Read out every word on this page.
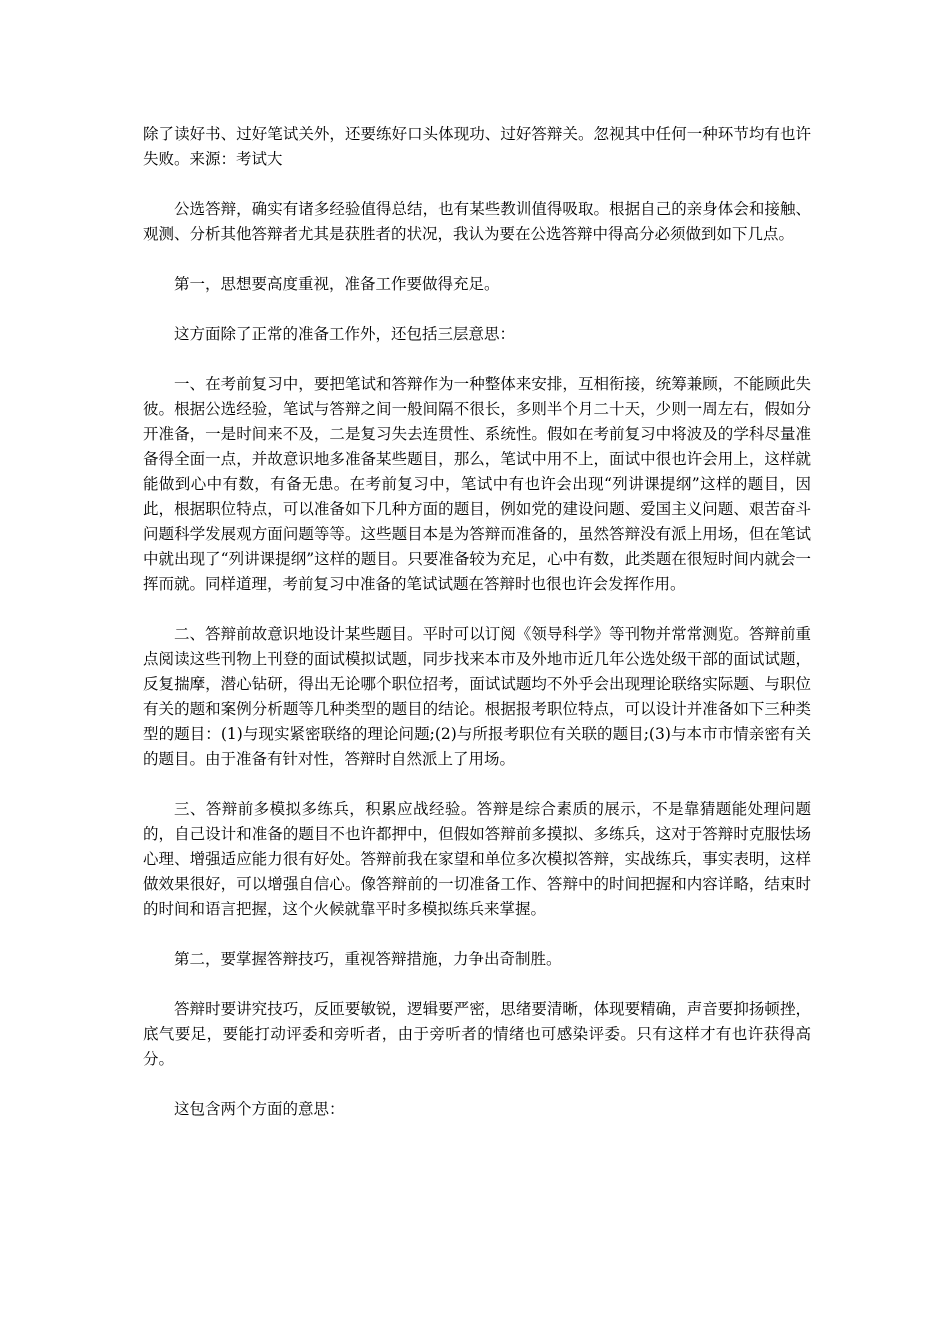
除了读好书、过好笔试关外，还要练好口头体现功、过好答辩关。忽视其中任何一种环节均有也许失败。来源：考试大

公选答辩，确实有诸多经验值得总结，也有某些教训值得吸取。根据自己的亲身体会和接触、观测、分析其他答辩者尤其是获胜者的状况，我认为要在公选答辩中得高分必须做到如下几点。

第一，思想要高度重视，准备工作要做得充足。

这方面除了正常的准备工作外，还包括三层意思：

一、在考前复习中，要把笔试和答辩作为一种整体来安排，互相衔接，统筹兼顾，不能顾此失彼。根据公选经验，笔试与答辩之间一般间隔不很长，多则半个月二十天，少则一周左右，假如分开准备，一是时间来不及，二是复习失去连贯性、系统性。假如在考前复习中将波及的学科尽量准备得全面一点，并故意识地多准备某些题目，那么，笔试中用不上，面试中很也许会用上，这样就能做到心中有数，有备无患。在考前复习中，笔试中有也许会出现“列讲课提纲”这样的题目，因此，根据职位特点，可以准备如下几种方面的题目，例如党的建设问题、爱国主义问题、艰苦奋斗问题科学发展观方面问题等等。这些题目本是为答辩而准备的，虽然答辩没有派上用场，但在笔试中就出现了“列讲课提纲”这样的题目。只要准备较为充足，心中有数，此类题在很短时间内就会一挥而就。同样道理，考前复习中准备的笔试试题在答辩时也很也许会发挥作用。

二、答辩前故意识地设计某些题目。平时可以订阅《领导科学》等刊物并常常测览。答辩前重点阅读这些刊物上刊登的面试模拟试题，同步找来本市及外地市近几年公选处级干部的面试试题，反复揣摩，潜心钻研，得出无论哪个职位招考，面试试题均不外乎会出现理论联络实际题、与职位有关的题和案例分析题等几种类型的题目的结论。根据报考职位特点，可以设计并准备如下三种类型的题目：(1)与现实紧密联络的理论问题;(2)与所报考职位有关联的题目;(3)与本市市情亲密有关的题目。由于准备有针对性，答辩时自然派上了用场。

三、答辩前多模拟多练兵，积累应战经验。答辩是综合素质的展示，不是靠猜题能处理问题的，自己设计和准备的题目不也许都押中，但假如答辩前多摸拟、多练兵，这对于答辩时克服怯场心理、增强适应能力很有好处。答辩前我在家望和单位多次模拟答辩，实战练兵，事实表明，这样做效果很好，可以增强自信心。像答辩前的一切准备工作、答辩中的时间把握和内容详略，结束时的时间和语言把握，这个火候就靠平时多模拟练兵来掌握。

第二，要掌握答辩技巧，重视答辩措施，力争出奇制胜。

答辩时要讲究技巧，反匝要敏锐，逻辑要严密，思绪要清晰，体现要精确，声音要抑扬顿挫，底气要足，要能打动评委和旁听者，由于旁听者的情绪也可感染评委。只有这样才有也许获得高分。

这包含两个方面的意思：
